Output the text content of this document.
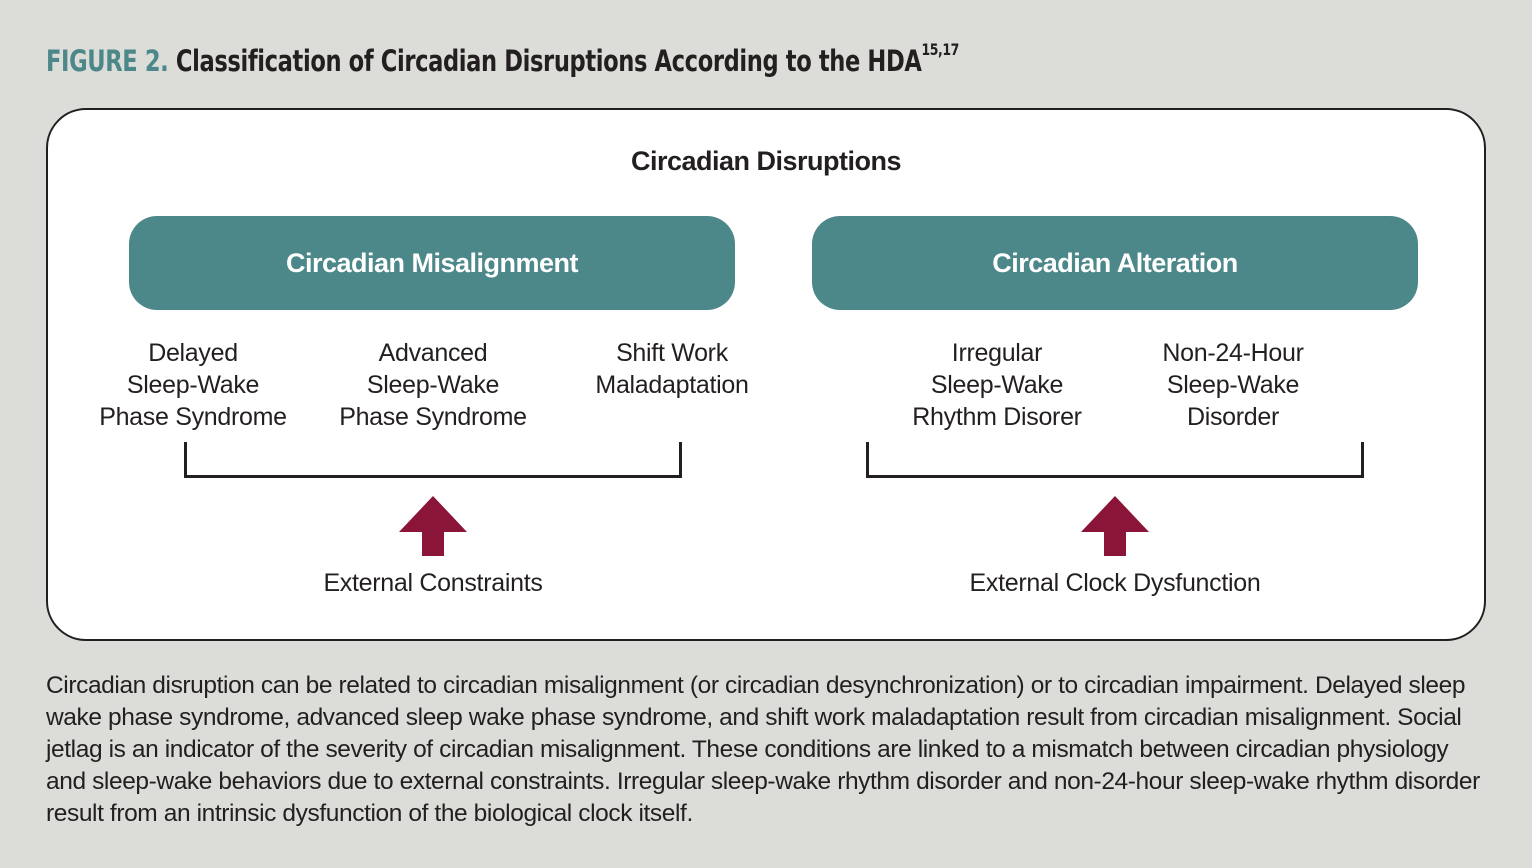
FIGURE 2. Classification of Circadian Disruptions According to the HDA$^{15,17}$
Circadian Disruptions
Circadian Misalignment
Delayed
Sleep-Wake
Phase Syndrome
Advanced
Sleep-Wake
Phase Syndrome
Shift Work
Maladaptation
External Constraints
Circadian Alteration
Irregular
Sleep-Wake
Rhythm Disorer
Non-24-Hour
Sleep-Wake
Disorder
External Clock Dysfunction
Circadian disruption can be related to circadian misalignment (or circadian desynchronization) or to circadian impairment. Delayed sleep wake phase syndrome, advanced sleep wake phase syndrome, and shift work maladaptation result from circadian misalignment. Social jetlag is an indicator of the severity of circadian misalignment. These conditions are linked to a mismatch between circadian physiology and sleep-wake behaviors due to external constraints. Irregular sleep-wake rhythm disorder and non-24-hour sleep-wake rhythm disorder result from an intrinsic dysfunction of the biological clock itself.
